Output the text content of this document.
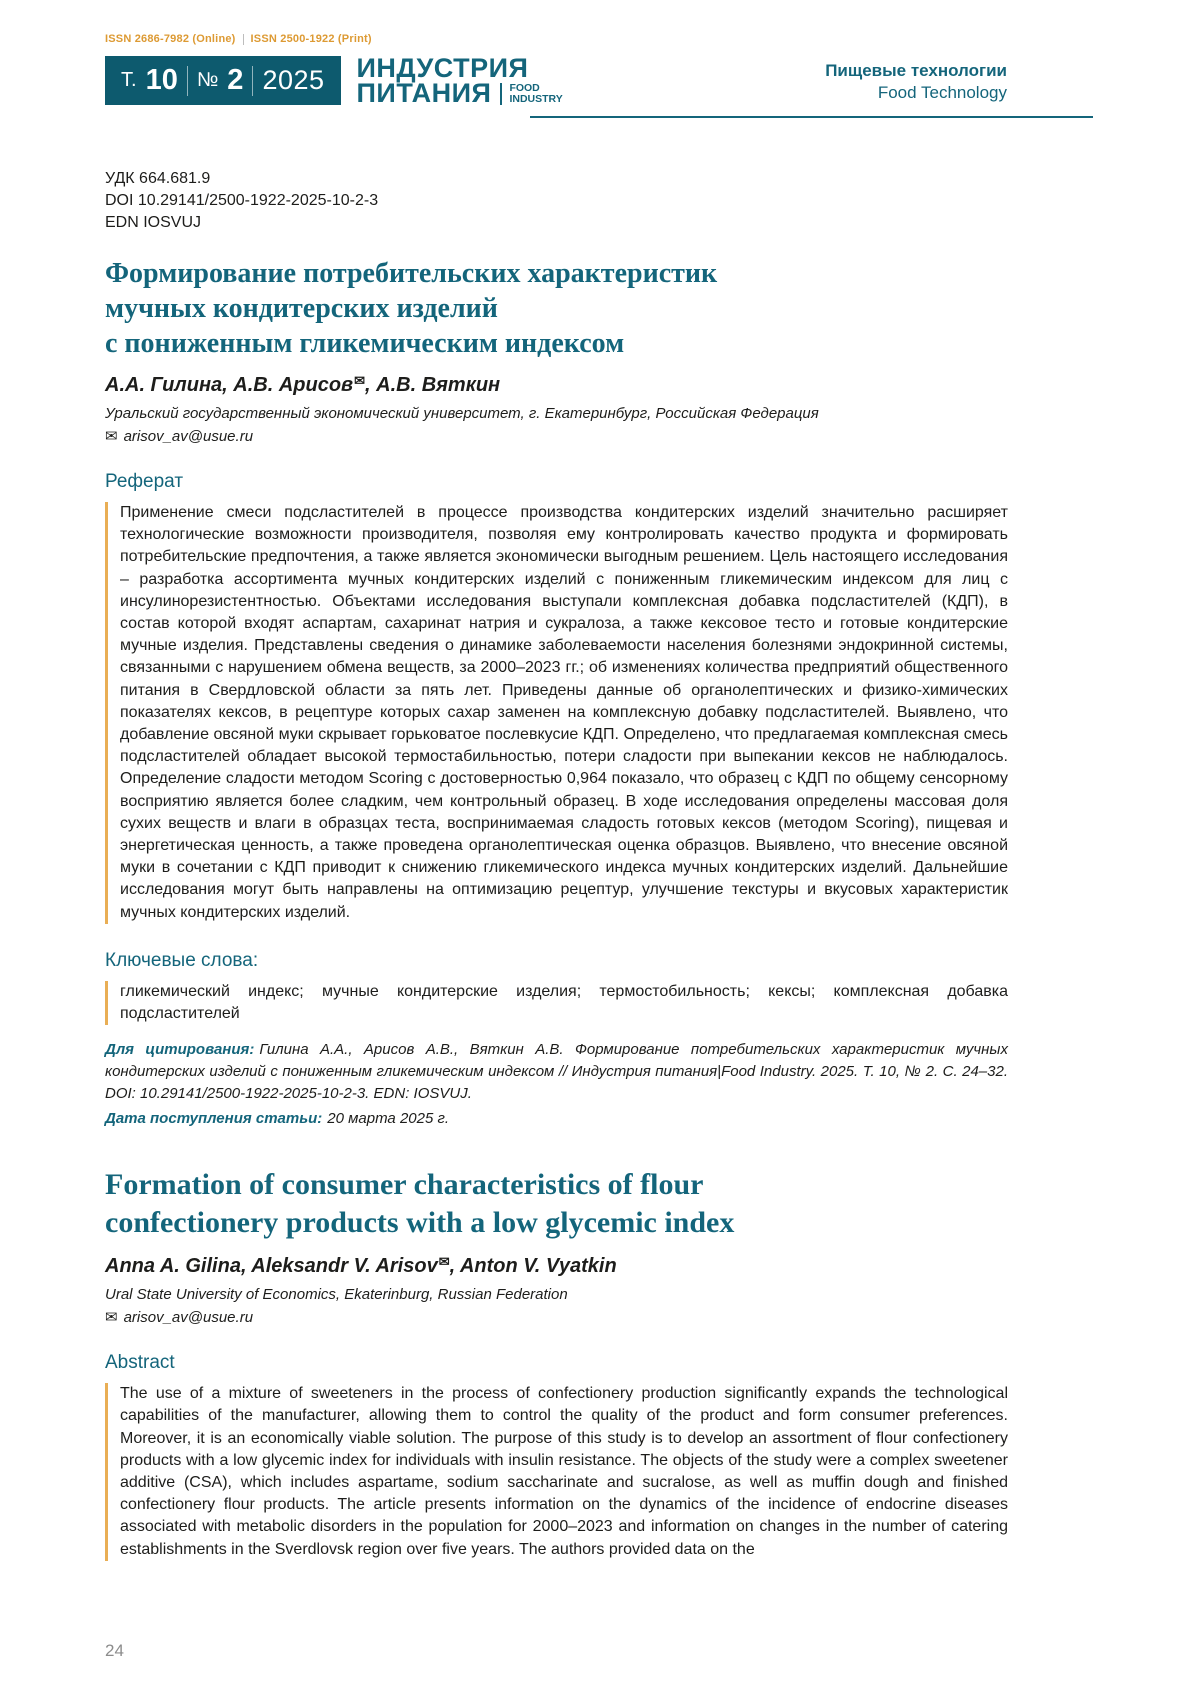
ISSN 2686-7982 (Online) ISSN 2500-1922 (Print)
Т. 10 № 2 2025 ИНДУСТРИЯ
ПИТАНИЯ FOOD
INDUSTRY
Пищевые технологии
Food Technology
УДК 664.681.9
DOI 10.29141/2500-1922-2025-10-2-3
EDN IOSVUJ
Формирование потребительских характеристик
мучных кондитерских изделий
с пониженным гликемическим индексом

А.А. Гилина, А.В. Арисов✉, А.В. Вяткин

Уральский государственный экономический университет, г. Екатеринбург, Российская Федерация

✉ arisov_av@usue.ru

Реферат
Применение смеси подсластителей в процессе производства кондитерских изделий значительно расширяет технологические возможности производителя, позволяя ему контролировать качество продукта и формировать потребительские предпочтения, а также является экономически выгодным решением. Цель настоящего исследования – разработка ассортимента мучных кондитерских изделий с пониженным гликемическим индексом для лиц с инсулинорезистентностью. Объектами исследования выступали комплексная добавка подсластителей (КДП), в состав которой входят аспартам, сахаринат натрия и сукралоза, а также кексовое тесто и готовые кондитерские мучные изделия. Представлены сведения о динамике заболеваемости населения болезнями эндокринной системы, связанными с нарушением обмена веществ, за 2000–2023 гг.; об изменениях количества предприятий общественного питания в Свердловской области за пять лет. Приведены данные об органолептических и физико-химических показателях кексов, в рецептуре которых сахар заменен на комплексную добавку подсластителей. Выявлено, что добавление овсяной муки скрывает горьковатое послевкусие КДП. Определено, что предлагаемая комплексная смесь подсластителей обладает высокой термостабильностью, потери сладости при выпекании кексов не наблюдалось. Определение сладости методом Scoring с достоверностью 0,964 показало, что образец с КДП по общему сенсорному восприятию является более сладким, чем контрольный образец. В ходе исследования определены массовая доля сухих веществ и влаги в образцах теста, воспринимаемая сладость готовых кексов (методом Scoring), пищевая и энергетическая ценность, а также проведена органолептическая оценка образцов. Выявлено, что внесение овсяной муки в сочетании с КДП приводит к снижению гликемического индекса мучных кондитерских изделий. Дальнейшие исследования могут быть направлены на оптимизацию рецептур, улучшение текстуры и вкусовых характеристик мучных кондитерских изделий.
Ключевые слова:
гликемический индекс; мучные кондитерские изделия; термостобильность; кексы; комплексная добавка подсластителей

Для цитирования: Гилина А.А., Арисов А.В., Вяткин А.В. Формирование потребительских характеристик мучных кондитерских изделий с пониженным гликемическим индексом // Индустрия питания|Food Industry. 2025. Т. 10, № 2. С. 24–32. DOI: 10.29141/2500-1922-2025-10-2-3. EDN: IOSVUJ.

Дата поступления статьи: 20 марта 2025 г.

Formation of consumer characteristics of flour
confectionery products with a low glycemic index

Anna A. Gilina, Aleksandr V. Arisov✉, Anton V. Vyatkin

Ural State University of Economics, Ekaterinburg, Russian Federation

✉ arisov_av@usue.ru

Abstract
The use of a mixture of sweeteners in the process of confectionery production significantly expands the technological capabilities of the manufacturer, allowing them to control the quality of the product and form consumer preferences. Moreover, it is an economically viable solution. The purpose of this study is to develop an assortment of flour confectionery products with a low glycemic index for individuals with insulin resistance. The objects of the study were a complex sweetener additive (CSA), which includes aspartame, sodium saccharinate and sucralose, as well as muffin dough and finished confectionery flour products. The article presents information on the dynamics of the incidence of endocrine diseases associated with metabolic disorders in the population for 2000–2023 and information on changes in the number of catering establishments in the Sverdlovsk region over five years. The authors provided data on the
24
